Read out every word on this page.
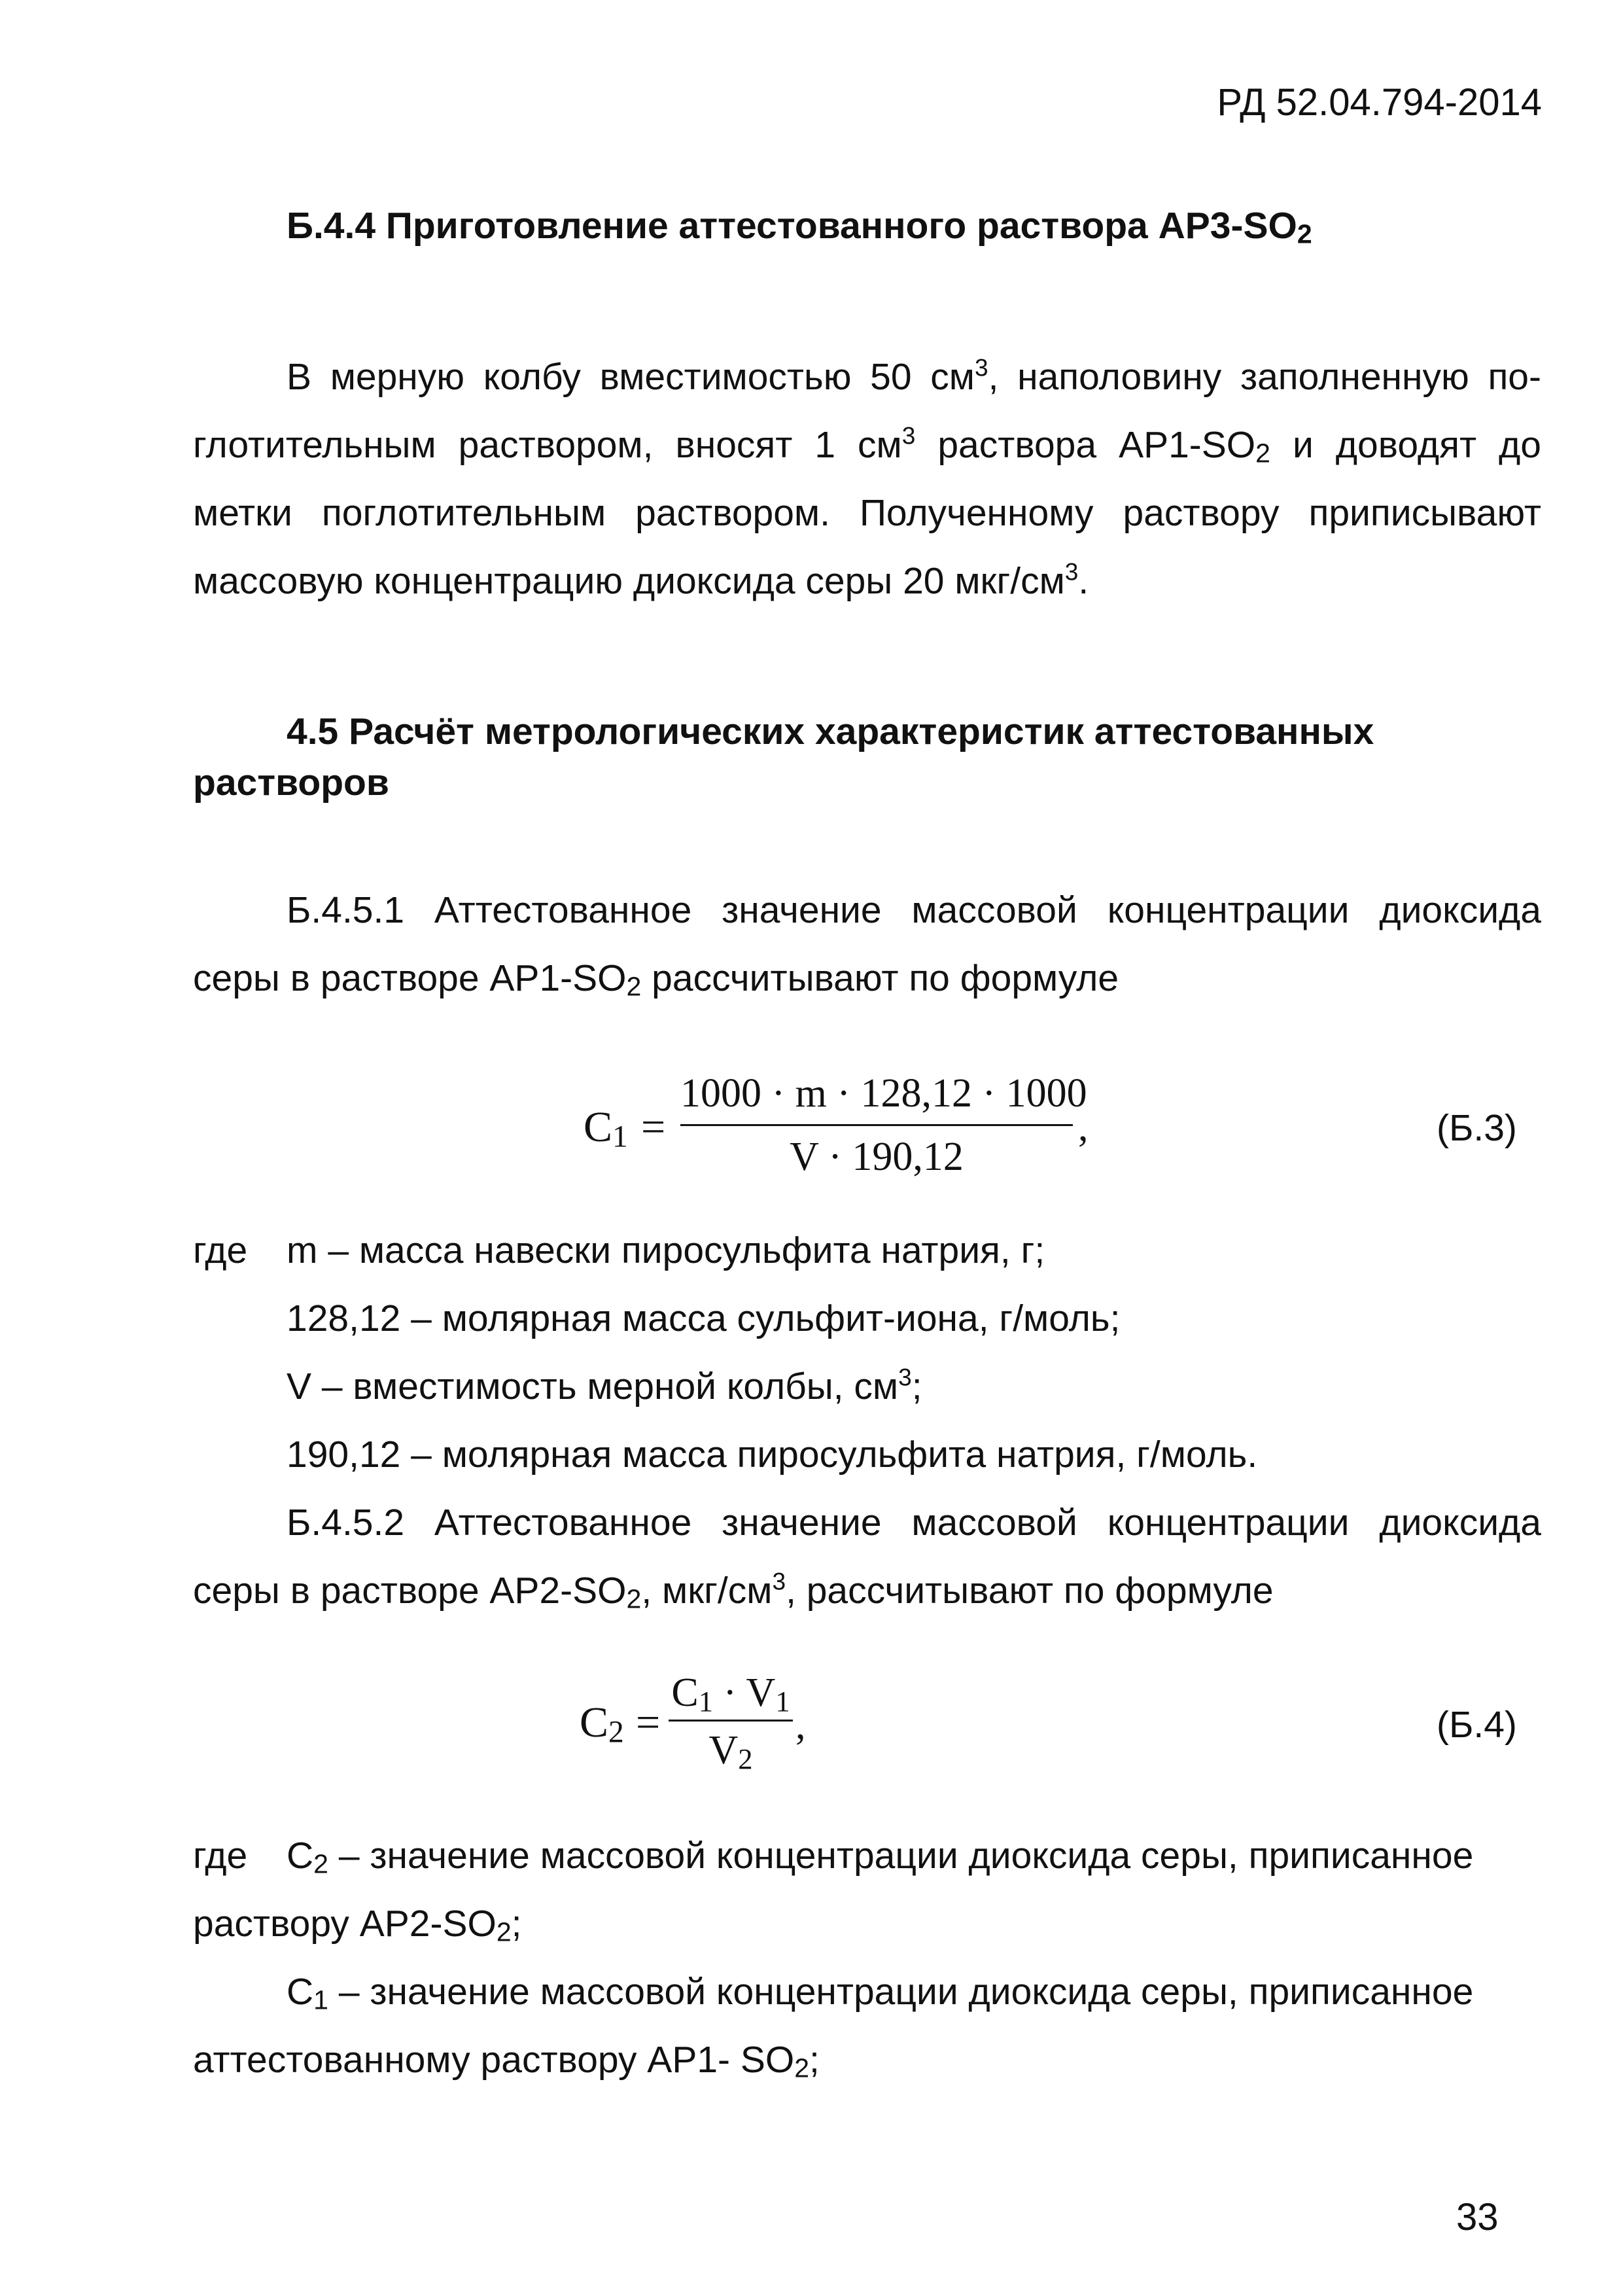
РД 52.04.794-2014
Б.4.4 Приготовление аттестованного раствора $АР3-SO_2$
В мерную колбу вместимостью 50 $см^3$, наполовину заполненную по-
глотительным раствором, вносят 1 $см^3$ раствора $АР1-SO_2$ и доводят до
метки поглотительным раствором. Полученному раствору приписывают
массовую концентрацию диоксида серы 20 мкг/$см^3$.
4.5 Расчёт метрологических характеристик аттестованных
растворов
Б.4.5.1 Аттестованное значение массовой концентрации диоксида
серы в растворе $АР1-SO_2$ рассчитывают по формуле
$C_1$ =
1000 · m · 128,12 · 1000
V · 190,12
,	(Б.3)
где m – масса навески пиросульфита натрия, г;
128,12 – молярная масса сульфит-иона, г/моль;
V – вместимость мерной колбы, $см^3$;
190,12 – молярная масса пиросульфита натрия, г/моль.
Б.4.5.2 Аттестованное значение массовой концентрации диоксида
серы в растворе $АР2-SO_2$, мкг/$см^3$, рассчитывают по формуле
$C_2$ =
$C_1 \cdot V_1$
$V_2$
,	(Б.4)
где $C_2$ – значение массовой концентрации диоксида серы, приписанное
раствору $АР2-SO_2$;
$C_1$ – значение массовой концентрации диоксида серы, приписанное
аттестованному раствору АР1- $SO_2$;
33
